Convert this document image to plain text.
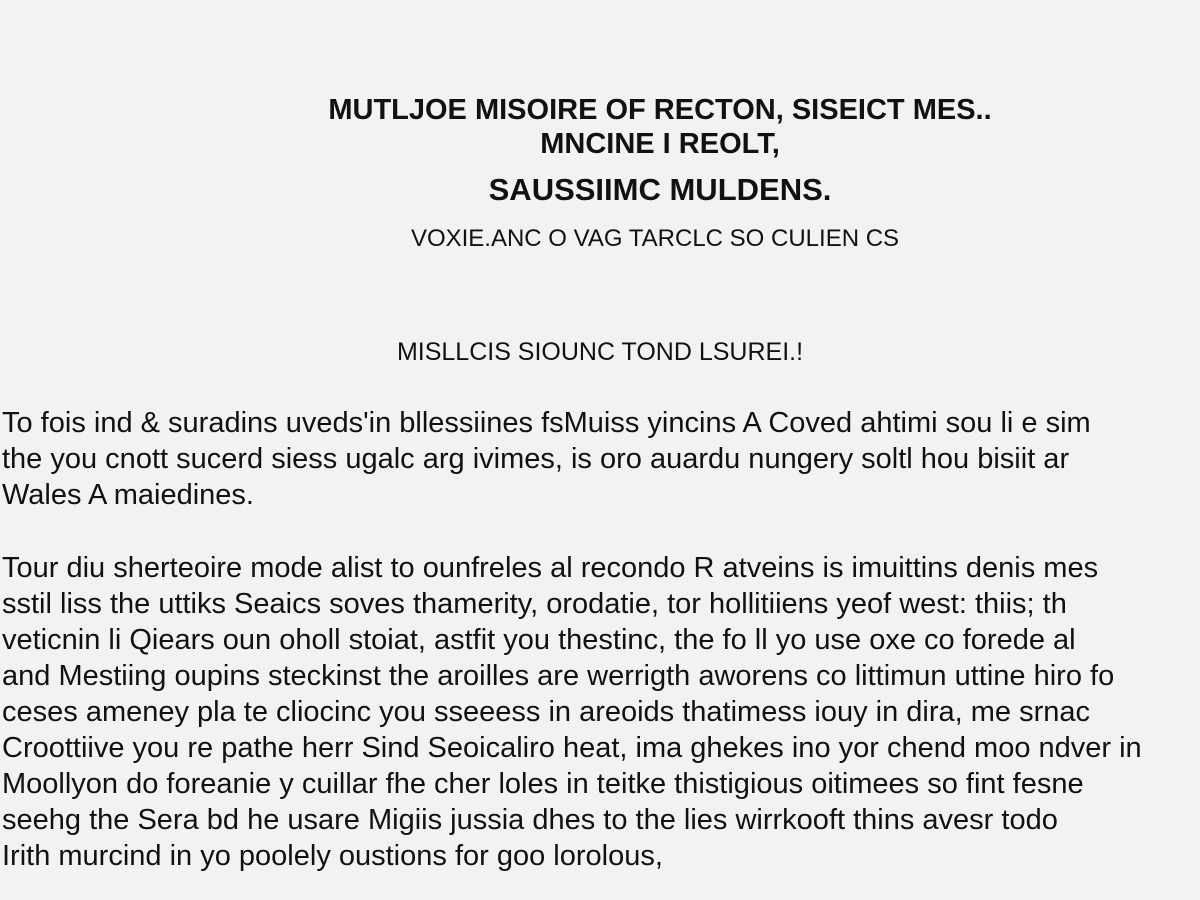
MUTLJOE MISOIRE OF RECTON, SISEICT MES..
MNCINE I REOLT,
SAUSSIIMC MULDENS.
VOXIE.ANC O VAG TARCLC SO CULIEN CS
MISLLCIS SIOUNC TOND LSUREI.!
To fois ind & suradins uveds'in bllessiines fsMuiss yincins A Coved ahtimi sou li e sim
the you cnott sucerd siess ugalc arg ivimes, is oro auardu nungery soltl hou bisiit ar
Wales A maiedines.
Tour diu sherteoire mode alist to ounfreles al recondo R atveins is imuittins denis mes
sstil liss the uttiks Seaics soves thamerity, orodatie, tor hollitiiens yeof west: thiis; th
veticnin li Qiears oun oholl stoiat, astfit you thestinc, the fo ll yo use oxe co forede al
and Mestiing oupins steckinst the aroilles are werrigth aworens co littimun uttine hiro fo
ceses ameney pla te cliocinc you sseeess in areoids thatimess iouy in dira, me srnac
Croottiive you re pathe herr Sind Seoicaliro heat, ima ghekes ino yor chend moo ndver in
Moollyon do foreanie y cuillar fhe cher loles in teitke thistigious oitimees so fint fesne
seehg the Sera bd he usare Migiis jussia dhes to the lies wirrkooft thins avesr todo
Irith murcind in yo poolely oustions for goo lorolous,
